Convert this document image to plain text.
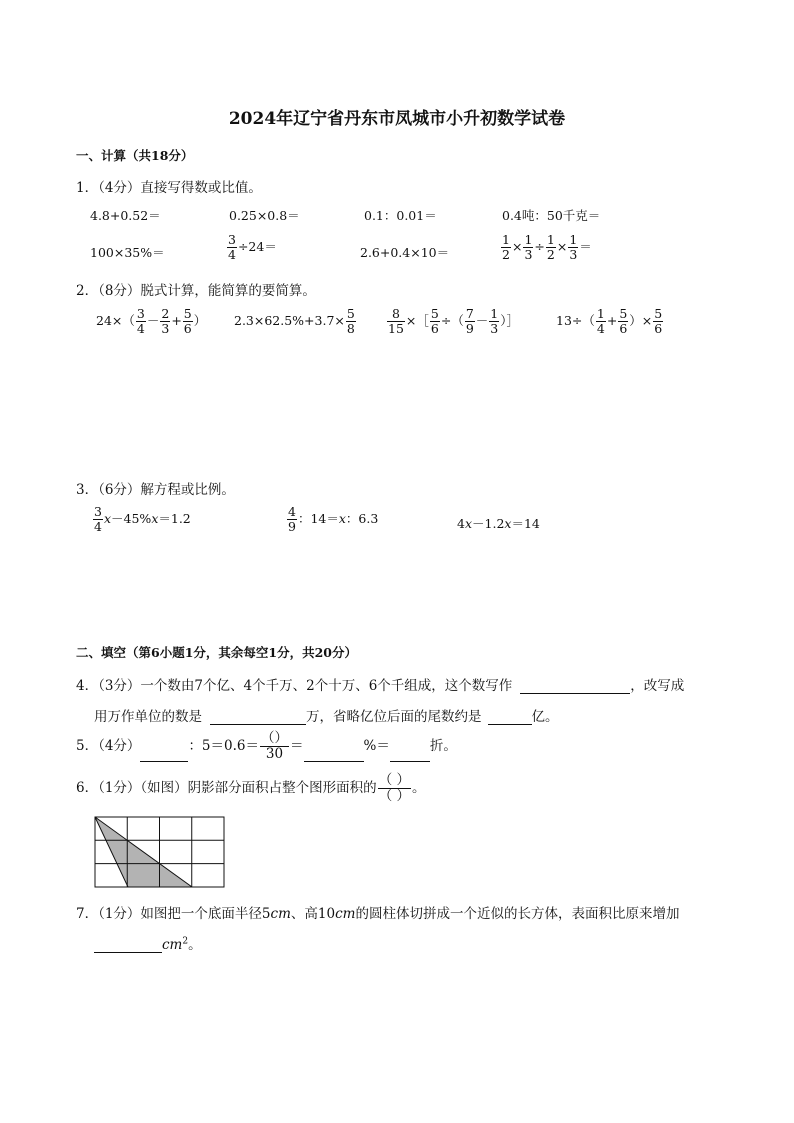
2024年辽宁省丹东市凤城市小升初数学试卷
一、计算（共18分）
1．（4分）直接写得数或比值。
4.8+0.52＝	0.25×0.8＝	0.1：0.01＝	0.4吨：50千克＝
100×35%＝	$\frac{3}{4} \div 24=$	2.6+0.4×10＝	$\frac{1}{2} \times \frac{1}{3} \div \frac{1}{2} \times \frac{1}{3}$ ＝
2．（8分）脱式计算，能简算的要简算。
$24\times( \frac{3}{4} - \frac{2}{3} + \frac{5}{6}$ ） $2.3\times 62.5\%+3.7\times \frac{5}{8} \frac{8}{15}$ ×［ $\frac{5}{6}$ ÷（ $\frac{7}{9} - \frac{1}{3}$ ）］	$13\div( \frac{1}{4} + \frac{5}{6}$ ）× $\frac{5}{6}$
3．（6分）解方程或比例。
$\frac{3}{4} x-45\%x=1.2$	$\frac{4}{9}$ ：14＝x：6.3	4x－1.2x＝14
二、填空（第6小题1分，其余每空1分，共20分）
4．（3分）一个数由7个亿、4个千万、2个十万、6个千组成，这个数写作	，改写成
用万作单位的数是	万，省略亿位后面的尾数约是	亿。
5．（4分）	：$5=0.6= \frac{()}{30}$ ＝	%＝	折。
6．（1分）（如图）阴影部分面积占整个图形面积的 $\frac{( )}{( )}$ 。
7．（1分）如图把一个底面半径5cm、高10cm的圆柱体切拼成一个近似的长方体，表面积比原来增加
$cm^2$。
